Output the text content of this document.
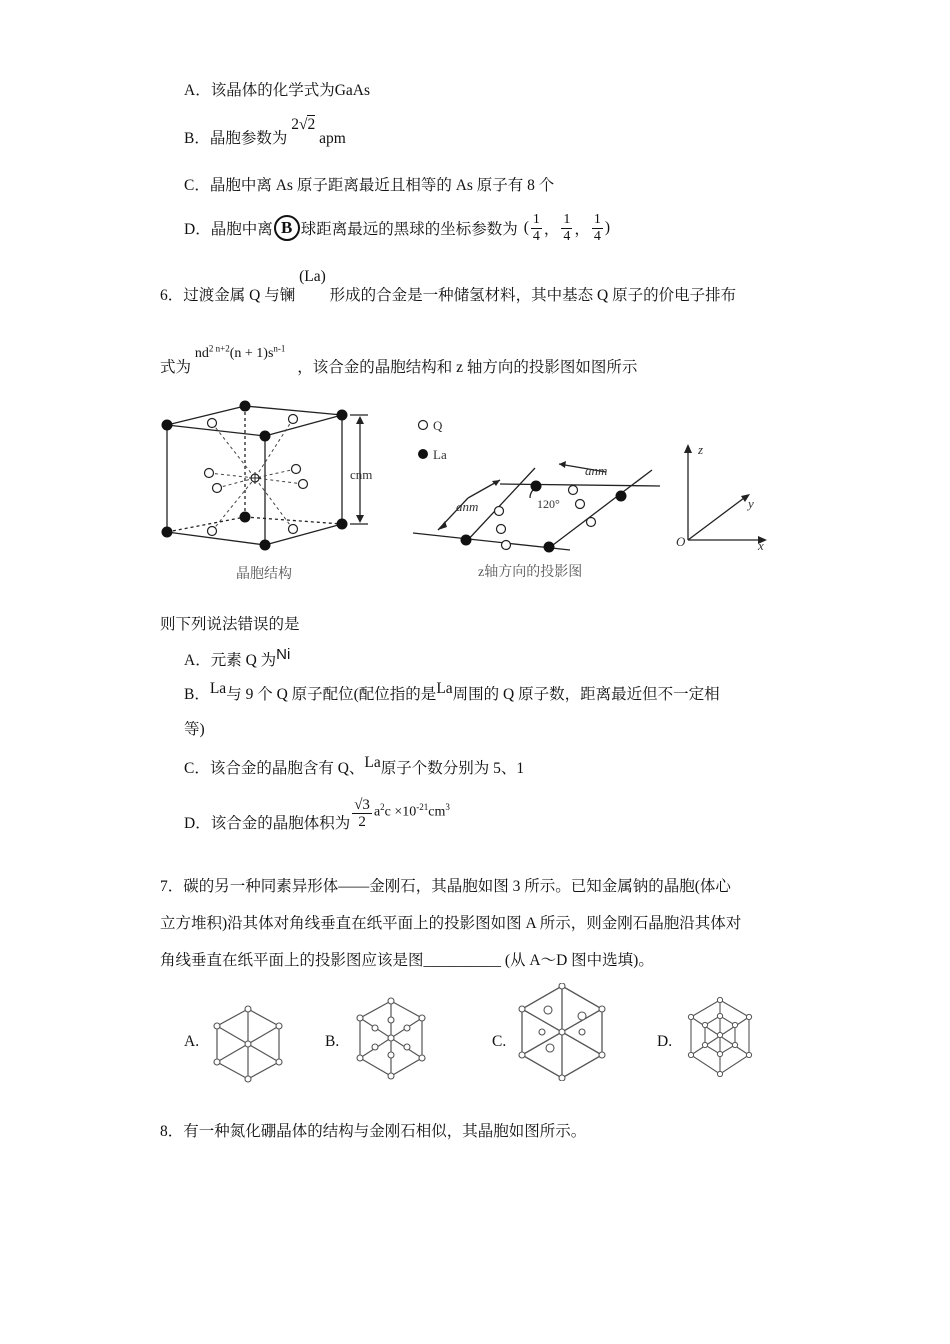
A．该晶体的化学式为GaAs
B．晶胞参数为 2√2 apm
C．晶胞中离 As 原子距离最近且相等的 As 原子有 8 个
D．晶胞中离 B 球距离最远的黑球的坐标参数为 ( $\frac{1}{4}$ ， $\frac{1}{4}$ ， $\frac{1}{4}$ )
6．过渡金属 Q 与镧 (La) 形成的合金是一种储氢材料，其中基态 Q 原子的价电子排布
式为 $nd^{2 n+2}(n + 1)s^{n-1}$ ，该合金的晶胞结构和 z 轴方向的投影图如图所示
cnm
晶胞结构
Q
La
anm
anm
120°
z轴方向的投影图
z
y
x
O
则下列说法错误的是
A．元素 Q 为Ni
B．La与 9 个 Q 原子配位(配位指的是La周围的 Q 原子数，距离最近但不一定相
等)
C．该合金的晶胞含有 Q、La原子个数分别为 5、1
D．该合金的晶胞体积为 $\frac{√3}{2} a^2c \times 10^{-21}cm^3$
7．碳的另一种同素异形体——金刚石，其晶胞如图 3 所示。已知金属钠的晶胞(体心
立方堆积)沿其体对角线垂直在纸平面上的投影图如图 A 所示，则金刚石晶胞沿其体对
角线垂直在纸平面上的投影图应该是图__________ (从 A～D 图中选填)。
A.	B.	C.	D.
8．有一种氮化硼晶体的结构与金刚石相似，其晶胞如图所示。
